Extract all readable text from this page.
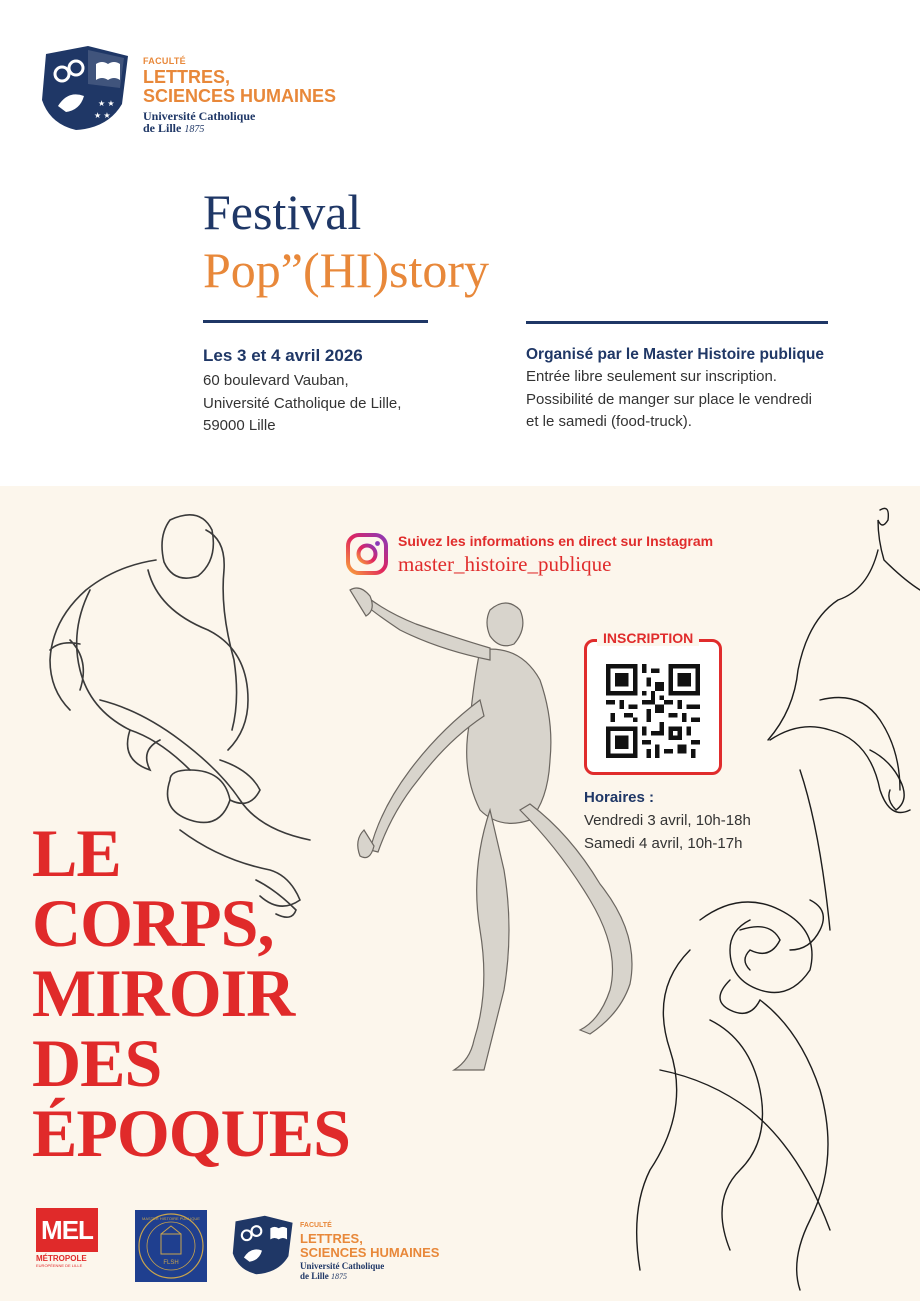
★ ★
★ ★
FACULTÉ
LETTRES,
SCIENCES HUMAINES
Université Catholique
de Lille 1875
Festival
Pop”(HI)story
Les 3 et 4 avril 2026
60 boulevard Vauban,
Université Catholique de Lille,
59000 Lille
Organisé par le Master Histoire publique
Entrée libre seulement sur inscription.
Possibilité de manger sur place le vendredi
et le samedi (food-truck).
Suivez les informations en direct sur Instagram
master_histoire_publique
INSCRIPTION
Horaires :
Vendredi 3 avril, 10h-18h
Samedi 4 avril, 10h-17h
LE
CORPS,
MIROIR
DES
ÉPOQUES
MEL
MÉTROPOLE
EUROPÉENNE DE LILLE
MASTER HISTOIRE PUBLIQUE
FLSH
FACULTÉ
LETTRES,
SCIENCES HUMAINES
Université Catholique
de Lille 1875
